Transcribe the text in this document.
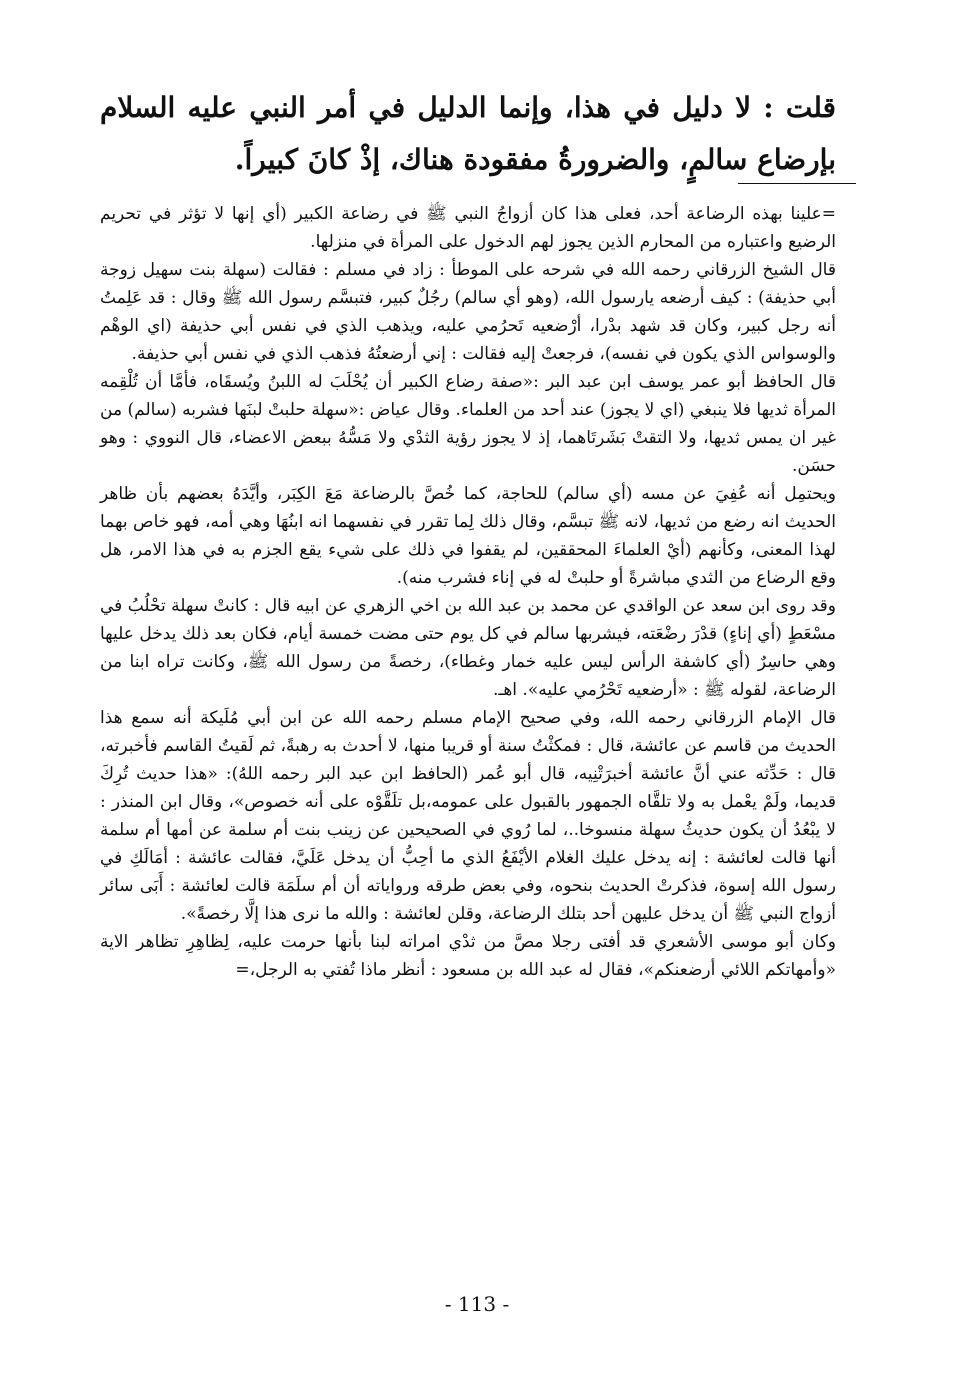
قلت : لا دليل في هذا، وإنما الدليل في أمر النبي عليه السلام بإرضاع سالمٍ، والضرورةُ مفقودة هناك، إذْ كانَ كبيراً.

=علينا بهذه الرضاعة أحد، فعلى هذا كان أزواجُ النبي ﷺ في رضاعة الكبير (أي إنها لا تؤثر في تحريم الرضيع واعتباره من المحارم الذين يجوز لهم الدخول على المرأة في منزلها.

قال الشيخ الزرقاني رحمه الله في شرحه على الموطأ : زاد في مسلم : فقالت (سهلة بنت سهيل زوجة أبي حذيفة) : كيف أرضعه يارسول الله، (وهو أي سالم) رجُلٌ كبير، فتبسَّم رسول الله ﷺ وقال : قد عَلِمتُ أنه رجل كبير، وكان قد شهد بدْرا، أرْضعيه تَحرُمي عليه، ويذهب الذي في نفس أبي حذيفة (اي الوهْم والوسواس الذي يكون في نفسه)، فرجعتْ إليه فقالت : إني أرضعتُهُ فذهب الذي في نفس أبي حذيفة.

قال الحافظ أبو عمر يوسف ابن عبد البر :«صفة رضاع الكبير أن يُحْلَبَ له اللبنُ ويُسقَاه، فأمَّا أن تُلْقِمه المرأة ثديها فلا ينبغي (اي لا يجوز) عند أحد من العلماء. وقال عياض :«سهلة حلبتْ لبنَها فشربه (سالم) من غير ان يمس ثديها، ولا التقتْ بَشَرتَاهما، إذ لا يجوز رؤية الثدْي ولا مَسُّهُ ببعض الاعضاء، قال النووي : وهو حسَن.

ويحتمِل أنه عُفِيَ عن مسه (أي سالم) للحاجة، كما خُصَّ بالرضاعة مَعَ الكِبَر، وأيَّدَهُ بعضهم بأن ظاهر الحديث انه رضع من ثديها، لانه ﷺ تبسَّم، وقال ذلك لِما تقرر في نفسهما انه ابنُهَا وهي أمه، فهو خاص بهما لهذا المعنى، وكأنهم (أيْ العلماءَ المحققين، لم يقفوا في ذلك على شيء يقع الجزم به في هذا الامر، هل وقع الرضاع من الثدي مباشرةً أو حلبتْ له في إناء فشرب منه).

وقد روى ابن سعد عن الواقدي عن محمد بن عبد الله بن اخي الزهري عن ابيه قال : كانتْ سهلة تحْلُبُ في مسْعَطٍ (أي إناءٍ) قدْرَ رضْعَته، فيشربها سالم في كل يوم حتى مضت خمسة أيام، فكان بعد ذلك يدخل عليها وهي حاسِرٌ (أي كاشفة الرأس ليس عليه خمار وغطاء)، رخصةً من رسول الله ﷺ، وكانت تراه ابنا من الرضاعة، لقوله ﷺ : «أرضعيه تَحْرُمي عليه». اهـ.

قال الإمام الزرقاني رحمه الله، وفي صحيح الإمام مسلم رحمه الله عن ابن أبي مُلَيكة أنه سمع هذا الحديث من قاسم عن عائشة، قال : فمكثْتُ سنة أو قريبا منها، لا أحدث به رهبةً، ثم لَقيتُ القاسم فأخبرته، قال : حَدِّثه عني أنَّ عائشة أخبرَتْنِيه، قال أبو عُمر (الحافظ ابن عبد البر رحمه اللهُ): «هذا حديث تُرِكَ قديما، ولَمْ يعْمل به ولا تلقَّاه الجمهور بالقبول على عمومه،بل تلَقَّوْه على أنه خصوص»، وقال ابن المنذر : لا يبْعُدُ أن يكون حديثُ سهلة منسوخا..، لما رُوي في الصحيحين عن زينب بنت أم سلمة عن أمها أم سلمة أنها قالت لعائشة : إنه يدخل عليك الغلام الأيْفَعُ الذي ما أحِبُّ أن يدخل عَلَيَّ، فقالت عائشة : أمَالَكِ في رسول الله إسوة، فذكرتْ الحديث بنحوه، وفي بعض طرقه ورواياته أن أم سلَمَة قالت لعائشة : أَبَى سائر أزواج النبي ﷺ أن يدخل عليهن أحد بتلك الرضاعة، وقلن لعائشة : والله ما نرى هذا إلَّا رخصةً».

وكان أبو موسى الأشعري قد أفتى رجلا مصَّ من ثدْي امراته لبنا بأنها حرمت عليه، لِظاهِرِ تظاهر الاية «وأمهاتكم اللائي أرضعنكم»، فقال له عبد الله بن مسعود : أنظر ماذا تُفتي به الرجل،=

- 113 -
